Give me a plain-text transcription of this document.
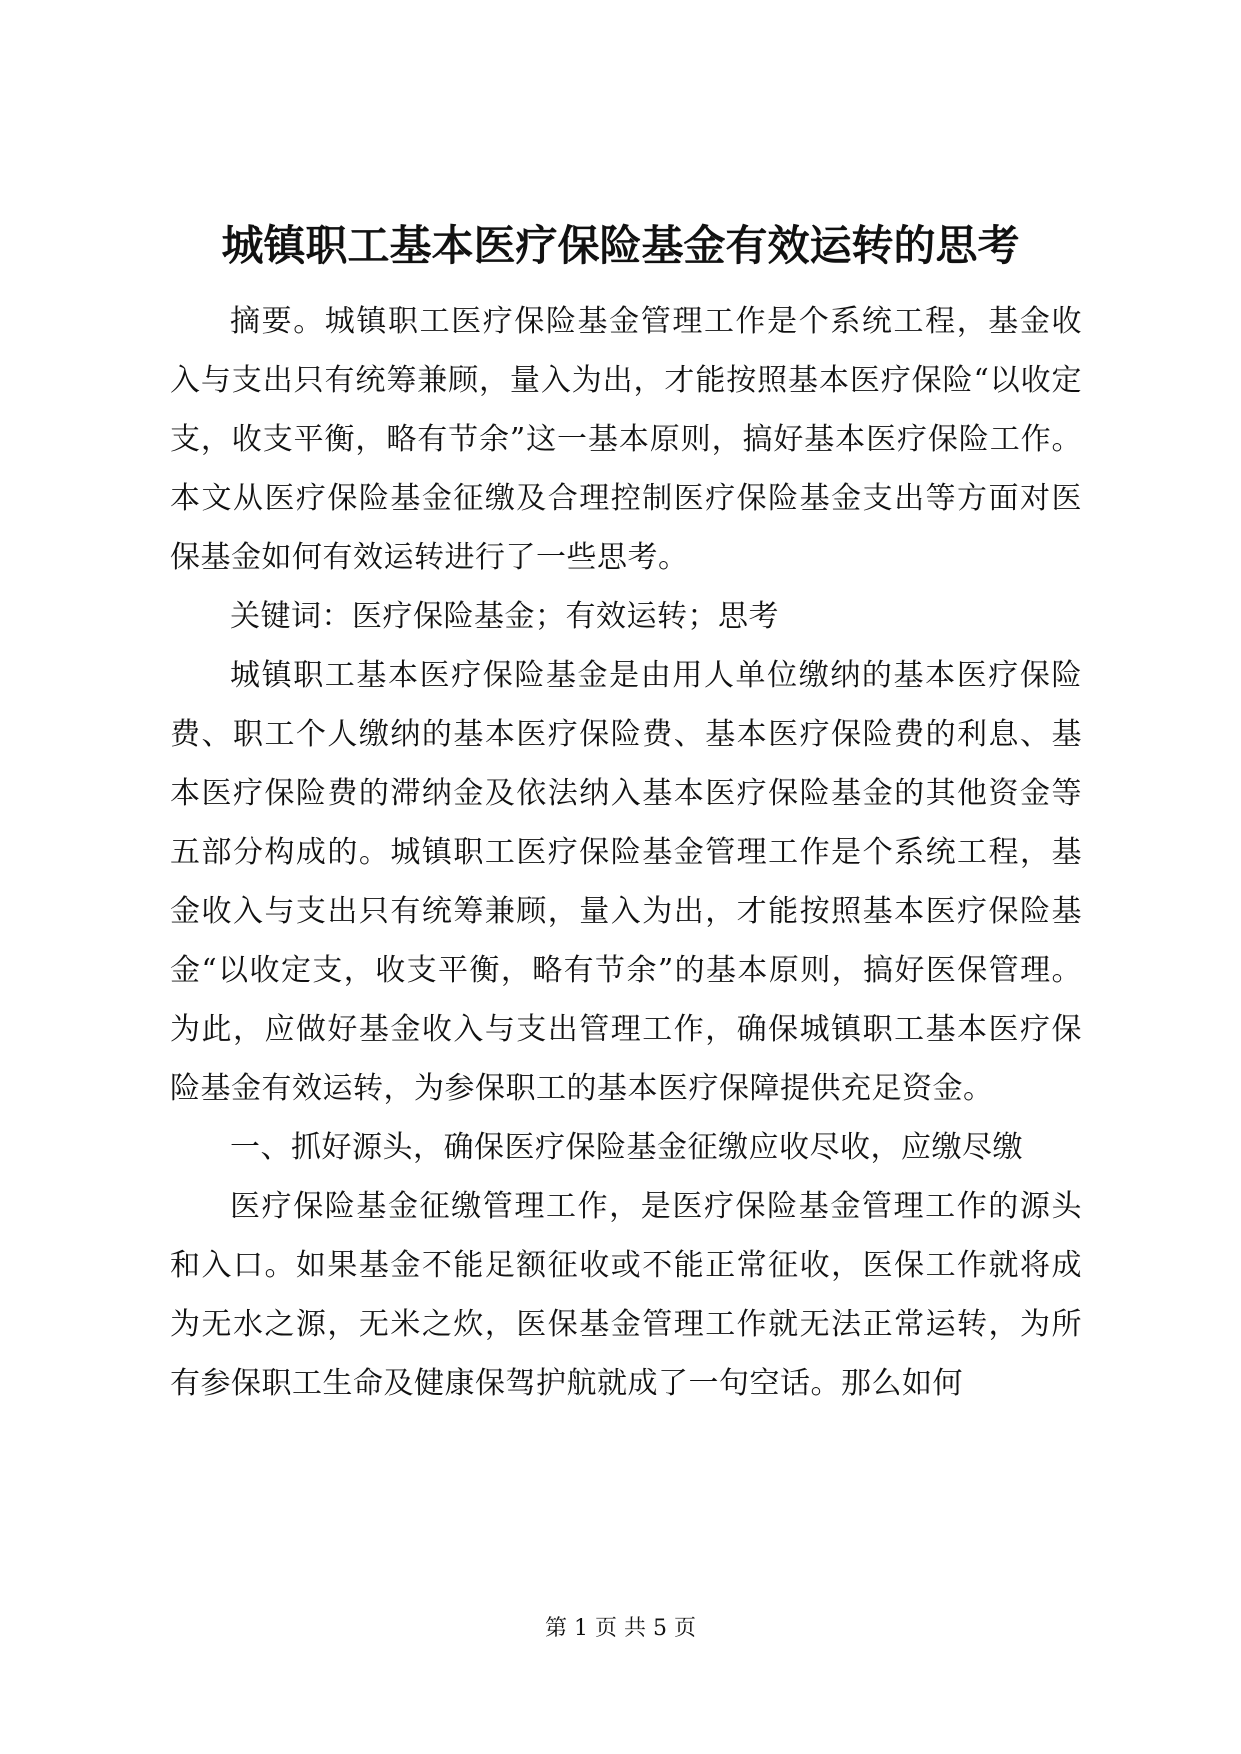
城镇职工基本医疗保险基金有效运转的思考

摘要。城镇职工医疗保险基金管理工作是个系统工程，基金收入与支出只有统筹兼顾，量入为出，才能按照基本医疗保险“以收定支，收支平衡，略有节余”这一基本原则，搞好基本医疗保险工作。本文从医疗保险基金征缴及合理控制医疗保险基金支出等方面对医保基金如何有效运转进行了一些思考。

关键词：医疗保险基金；有效运转；思考

城镇职工基本医疗保险基金是由用人单位缴纳的基本医疗保险费、职工个人缴纳的基本医疗保险费、基本医疗保险费的利息、基本医疗保险费的滞纳金及依法纳入基本医疗保险基金的其他资金等五部分构成的。城镇职工医疗保险基金管理工作是个系统工程，基金收入与支出只有统筹兼顾，量入为出，才能按照基本医疗保险基金“以收定支，收支平衡，略有节余”的基本原则，搞好医保管理。为此，应做好基金收入与支出管理工作，确保城镇职工基本医疗保险基金有效运转，为参保职工的基本医疗保障提供充足资金。

一、抓好源头，确保医疗保险基金征缴应收尽收，应缴尽缴

医疗保险基金征缴管理工作，是医疗保险基金管理工作的源头和入口。如果基金不能足额征收或不能正常征收，医保工作就将成为无水之源，无米之炊，医保基金管理工作就无法正常运转，为所有参保职工生命及健康保驾护航就成了一句空话。那么如何

第 1 页 共 5 页
